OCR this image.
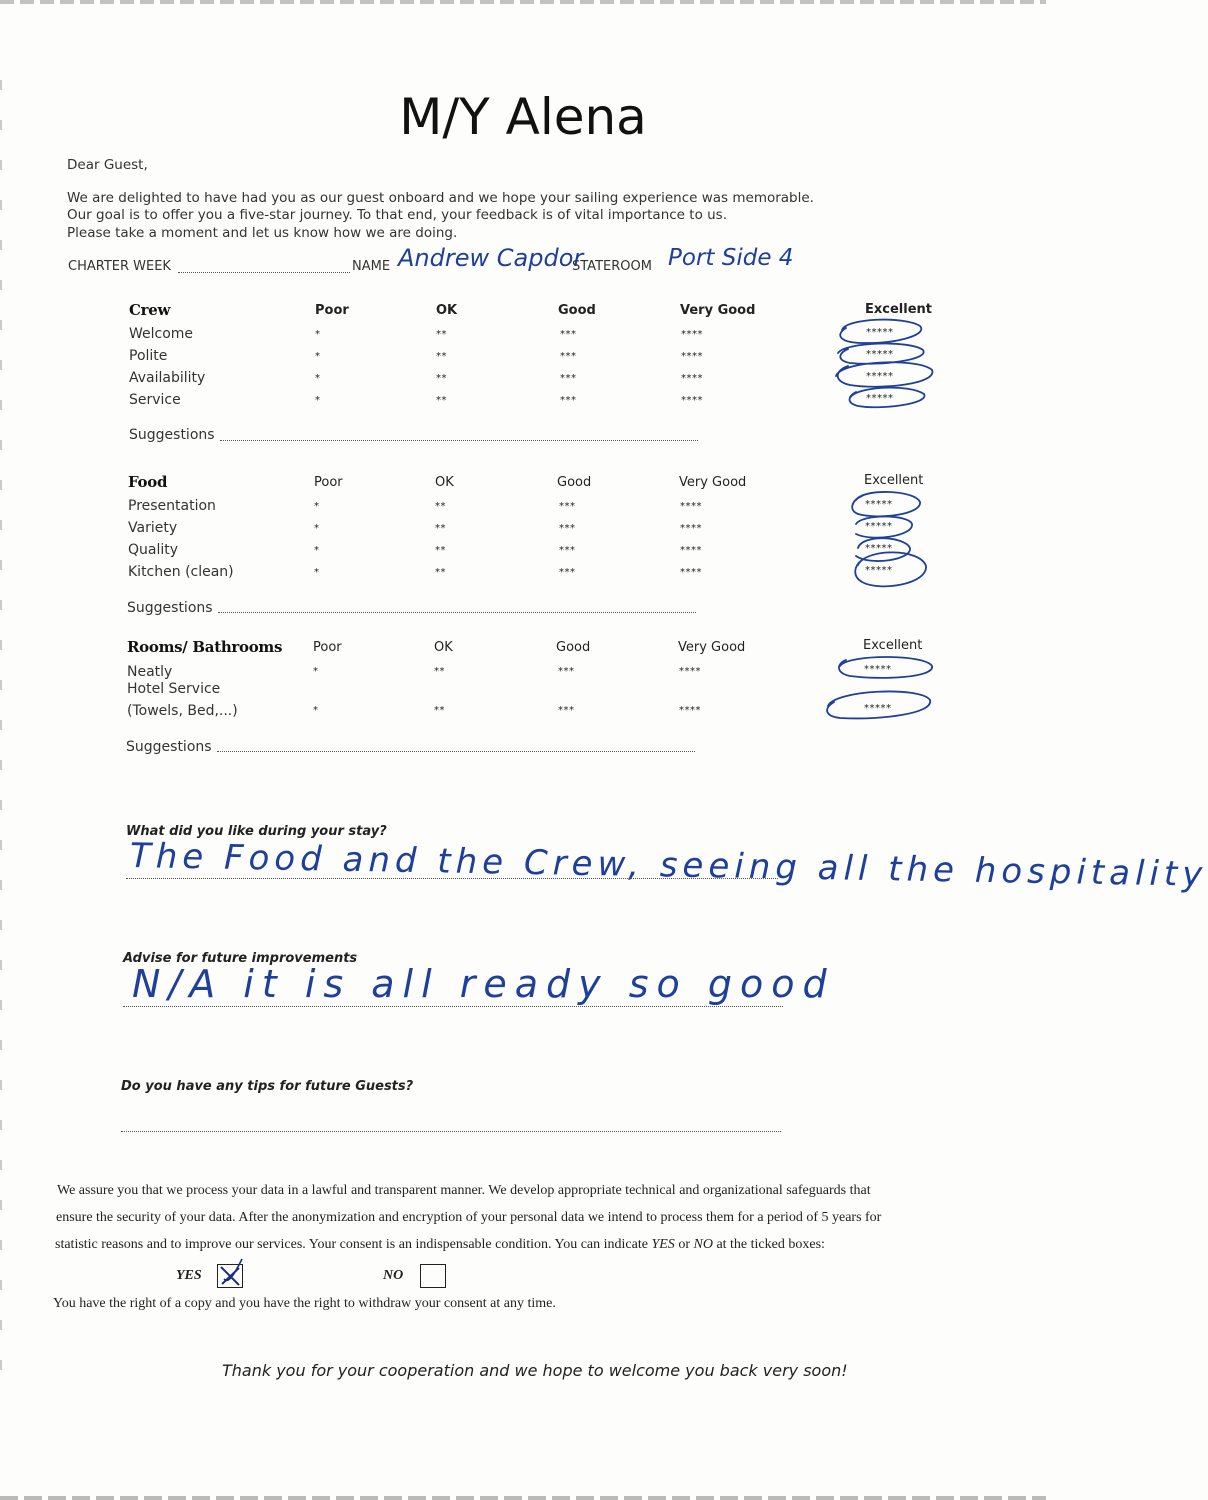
M/Y Alena
Dear Guest,
We are delighted to have had you as our guest onboard and we hope your sailing experience was memorable.
Our goal is to offer you a five-star journey. To that end, your feedback is of vital importance to us.
Please take a moment and let us know how we are doing.
CHARTER WEEK	NAME Andrew Capdor
STATEROOM Port Side 4
Crew	Poor	OK	Good	Very Good	Excellent
Welcome	*	**	***	****	*****
Polite	*	**	***	****	*****
Availability	*	**	***	****	*****
Service	*	**	***	****	*****
Suggestions
Food	Poor	OK	Good	Very Good	Excellent
Presentation	*	**	***	****	*****
Variety	*	**	***	****	*****
Quality	*	**	***	****	*****
Kitchen (clean)	*	**	***	****	*****
Suggestions
Rooms/ Bathrooms Poor	OK	Good	Very Good	Excellent
Neatly	*	**	***	****	*****
Hotel Service
(Towels, Bed,...)	*	**	***	****	*****
Suggestions
What did you like during your stay?
The Food and the Crew, seeing all the hospitality
Advise for future improvements
N/A it is all ready so good
Do you have any tips for future Guests?
We assure you that we process your data in a lawful and transparent manner. We develop appropriate technical and organizational safeguards that
ensure the security of your data. After the anonymization and encryption of your personal data we intend to process them for a period of 5 years for
statistic reasons and to improve our services. Your consent is an indispensable condition. You can indicate YES or NO at the ticked boxes:
YES	NO
You have the right of a copy and you have the right to withdraw your consent at any time.
Thank you for your cooperation and we hope to welcome you back very soon!
